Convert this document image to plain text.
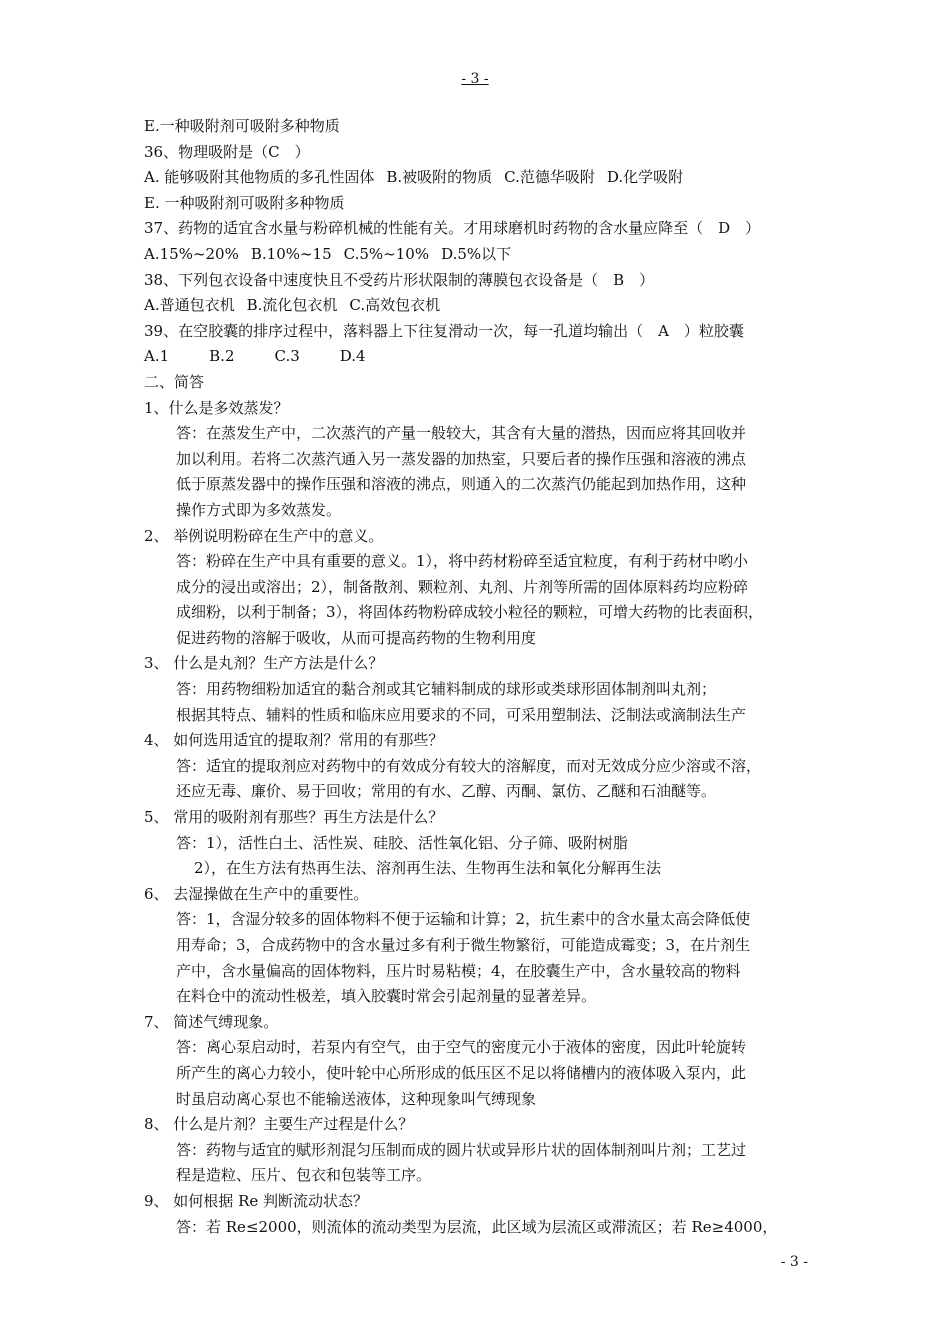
- 3 -
E.一种吸附剂可吸附多种物质
36、物理吸附是（C　）
A. 能够吸附其他物质的多孔性固体 B.被吸附的物质 C.范德华吸附 D.化学吸附
E. 一种吸附剂可吸附多种物质
37、药物的适宜含水量与粉碎机械的性能有关。才用球磨机时药物的含水量应降至（　D　）
A.15%~20% B.10%~15 C.5%~10% D.5%以下
38、下列包衣设备中速度快且不受药片形状限制的薄膜包衣设备是（　B　）
A.普通包衣机 B.流化包衣机 C.高效包衣机
39、在空胶囊的排序过程中，落料器上下往复滑动一次，每一孔道均输出（　A　）粒胶囊
A.1	B.2	C.3	D.4
二、简答
1、什么是多效蒸发？
答：在蒸发生产中，二次蒸汽的产量一般较大，其含有大量的潜热，因而应将其回收并
加以利用。若将二次蒸汽通入另一蒸发器的加热室，只要后者的操作压强和溶液的沸点
低于原蒸发器中的操作压强和溶液的沸点，则通入的二次蒸汽仍能起到加热作用，这种
操作方式即为多效蒸发。
2、 举例说明粉碎在生产中的意义。
答：粉碎在生产中具有重要的意义。1），将中药材粉碎至适宜粒度，有利于药材中哟小
成分的浸出或溶出；2），制备散剂、颗粒剂、丸剂、片剂等所需的固体原料药均应粉碎
成细粉，以利于制备；3），将固体药物粉碎成较小粒径的颗粒，可增大药物的比表面积，
促进药物的溶解于吸收，从而可提高药物的生物利用度
3、 什么是丸剂？生产方法是什么？
答：用药物细粉加适宜的黏合剂或其它辅料制成的球形或类球形固体制剂叫丸剂；
根据其特点、辅料的性质和临床应用要求的不同，可采用塑制法、泛制法或滴制法生产
4、 如何选用适宜的提取剂？常用的有那些？
答：适宜的提取剂应对药物中的有效成分有较大的溶解度，而对无效成分应少溶或不溶，
还应无毒、廉价、易于回收；常用的有水、乙醇、丙酮、氯仿、乙醚和石油醚等。
5、 常用的吸附剂有那些？再生方法是什么？
答：1），活性白土、活性炭、硅胶、活性氧化铝、分子筛、吸附树脂
2），在生方法有热再生法、溶剂再生法、生物再生法和氧化分解再生法
6、 去湿操做在生产中的重要性。
答：1，含湿分较多的固体物料不便于运输和计算；2，抗生素中的含水量太高会降低使
用寿命；3，合成药物中的含水量过多有利于微生物繁衍，可能造成霉变；3，在片剂生
产中，含水量偏高的固体物料，压片时易粘模；4，在胶囊生产中，含水量较高的物料
在料仓中的流动性极差，填入胶囊时常会引起剂量的显著差异。
7、 简述气缚现象。
答：离心泵启动时，若泵内有空气，由于空气的密度元小于液体的密度，因此叶轮旋转
所产生的离心力较小，使叶轮中心所形成的低压区不足以将储槽内的液体吸入泵内，此
时虽启动离心泵也不能输送液体，这种现象叫气缚现象
8、 什么是片剂？主要生产过程是什么？
答：药物与适宜的赋形剂混匀压制而成的圆片状或异形片状的固体制剂叫片剂；工艺过
程是造粒、压片、包衣和包装等工序。
9、 如何根据 Re 判断流动状态？
答：若 Re≤2000，则流体的流动类型为层流，此区域为层流区或滞流区；若 Re≥4000，
- 3 -
